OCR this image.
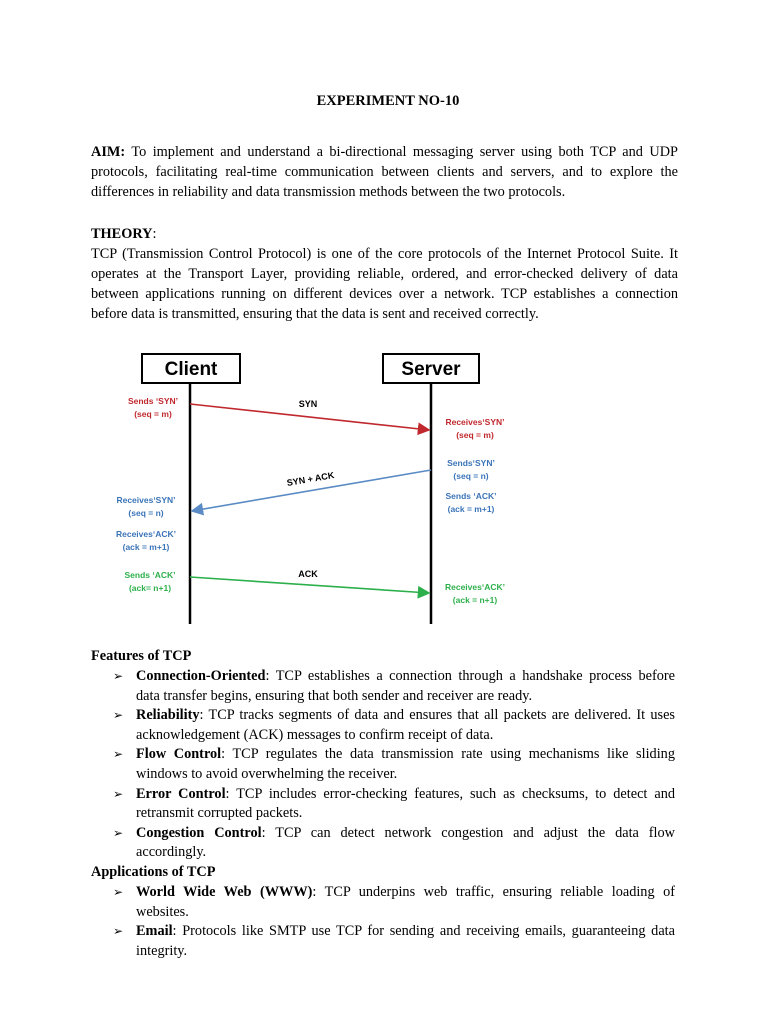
EXPERIMENT NO-10

AIM: To implement and understand a bi-directional messaging server using both TCP and UDP protocols, facilitating real-time communication between clients and servers, and to explore the differences in reliability and data transmission methods between the two protocols.

THEORY:

TCP (Transmission Control Protocol) is one of the core protocols of the Internet Protocol Suite. It operates at the Transport Layer, providing reliable, ordered, and error-checked delivery of data between applications running on different devices over a network. TCP establishes a connection before data is transmitted, ensuring that the data is sent and received correctly.

Client	Server
SYN
SYN + ACK
ACK
Sends ‘SYN’
(seq = m)
Receives‘SYN’
(seq = n)
Receives‘ACK’
(ack = m+1)
Sends ‘ACK’
(ack= n+1)
Receives‘SYN’
(seq = m)
Sends‘SYN’
(seq = n)
Sends ‘ACK’
(ack = m+1)
Receives‘ACK’
(ack = n+1)

Features of TCP

➢ Connection-Oriented: TCP establishes a connection through a handshake process before data transfer begins, ensuring that both sender and receiver are ready.
➢ Reliability: TCP tracks segments of data and ensures that all packets are delivered. It uses acknowledgement (ACK) messages to confirm receipt of data.
➢ Flow Control: TCP regulates the data transmission rate using mechanisms like sliding windows to avoid overwhelming the receiver.
➢ Error Control: TCP includes error-checking features, such as checksums, to detect and retransmit corrupted packets.
➢ Congestion Control: TCP can detect network congestion and adjust the data flow accordingly.

Applications of TCP

➢ World Wide Web (WWW): TCP underpins web traffic, ensuring reliable loading of websites.
➢ Email: Protocols like SMTP use TCP for sending and receiving emails, guaranteeing data integrity.
